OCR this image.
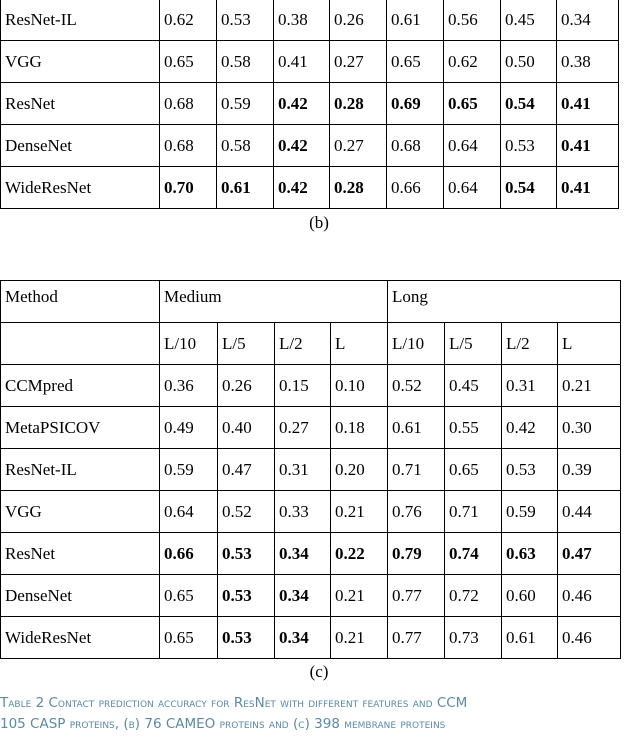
ResNet-IL	0.62	0.53	0.38	0.26	0.61	0.56	0.45	0.34
VGG	0.65	0.58	0.41	0.27	0.65	0.62	0.50	0.38
ResNet	0.68	0.59	0.42	0.28	0.69	0.65	0.54	0.41
DenseNet	0.68	0.58	0.42	0.27	0.68	0.64	0.53	0.41
WideResNet	0.70	0.61	0.42	0.28	0.66	0.64	0.54	0.41
(b)
Method	Medium				Long			
	L/10	L/5	L/2	L	L/10	L/5	L/2	L
CCMpred	0.36	0.26	0.15	0.10	0.52	0.45	0.31	0.21
MetaPSICOV	0.49	0.40	0.27	0.18	0.61	0.55	0.42	0.30
ResNet-IL	0.59	0.47	0.31	0.20	0.71	0.65	0.53	0.39
VGG	0.64	0.52	0.33	0.21	0.76	0.71	0.59	0.44
ResNet	0.66	0.53	0.34	0.22	0.79	0.74	0.63	0.47
DenseNet	0.65	0.53	0.34	0.21	0.77	0.72	0.60	0.46
WideResNet	0.65	0.53	0.34	0.21	0.77	0.73	0.61	0.46
(c)
Table 2 Contact prediction accuracy for ResNet with different features and CCM
105 CASP proteins, (b) 76 CAMEO proteins and (c) 398 membrane proteins
